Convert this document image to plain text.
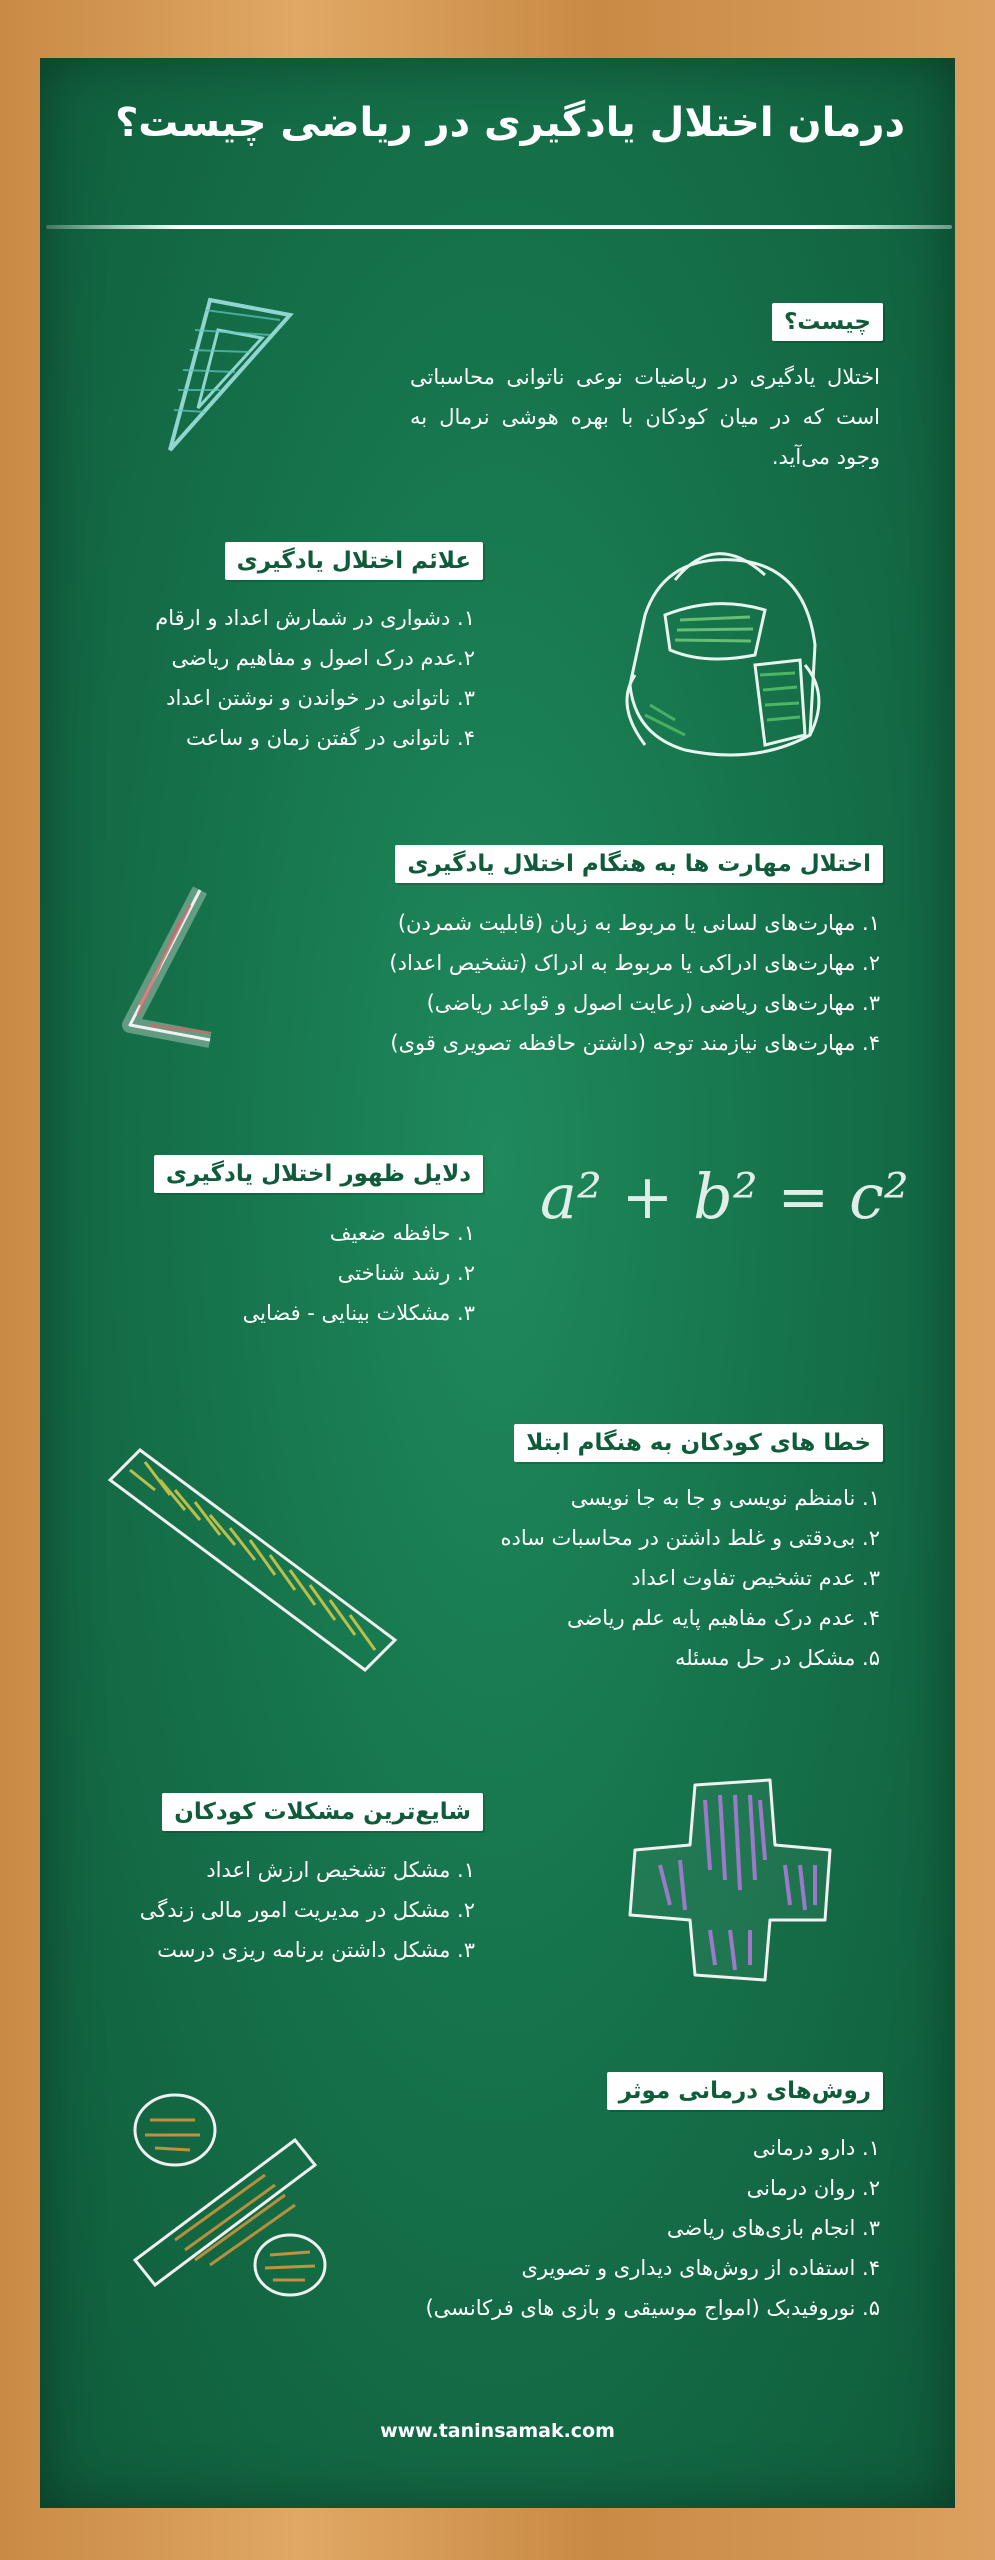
درمان اختلال یادگیری در ریاضی چیست؟
چیست؟
اختلال یادگیری در ریاضیات نوعی ناتوانی محاسباتی است که در میان کودکان با بهره هوشی نرمال به وجود می‌آید.
علائم اختلال یادگیری
۱. دشواری در شمارش اعداد و ارقام
۲.عدم درک اصول و مفاهیم ریاضی
۳. ناتوانی در خواندن و نوشتن اعداد
۴. ناتوانی در گفتن زمان و ساعت
اختلال مهارت ها به هنگام اختلال یادگیری
۱. مهارت‌های لسانی یا مربوط به زبان (قابلیت شمردن)
۲. مهارت‌های ادراکی یا مربوط به ادراک (تشخیص اعداد)
۳. مهارت‌های ریاضی (رعایت اصول و قواعد ریاضی)
۴. مهارت‌های نیازمند توجه (داشتن حافظه تصویری قوی)
دلایل ظهور اختلال یادگیری
۱. حافظه ضعیف
۲. رشد شناختی
۳. مشکلات بینایی - فضایی
a² + b² = c²
خطا های کودکان به هنگام ابتلا
۱. نامنظم نویسی و جا به جا نویسی
۲. بی‌دقتی و غلط داشتن در محاسبات ساده
۳. عدم تشخیص تفاوت اعداد
۴. عدم درک مفاهیم پایه علم ریاضی
۵. مشکل در حل مسئله
شایع‌ترین مشکلات کودکان
۱. مشکل تشخیص ارزش اعداد
۲. مشکل در مدیریت امور مالی زندگی
۳. مشکل داشتن برنامه ریزی درست
روش‌های درمانی موثر
۱. دارو درمانی
۲. روان درمانی
۳. انجام بازی‌های ریاضی
۴. استفاده از روش‌های دیداری و تصویری
۵. نوروفیدبک (امواج موسیقی و بازی های فرکانسی)
www.taninsamak.com
